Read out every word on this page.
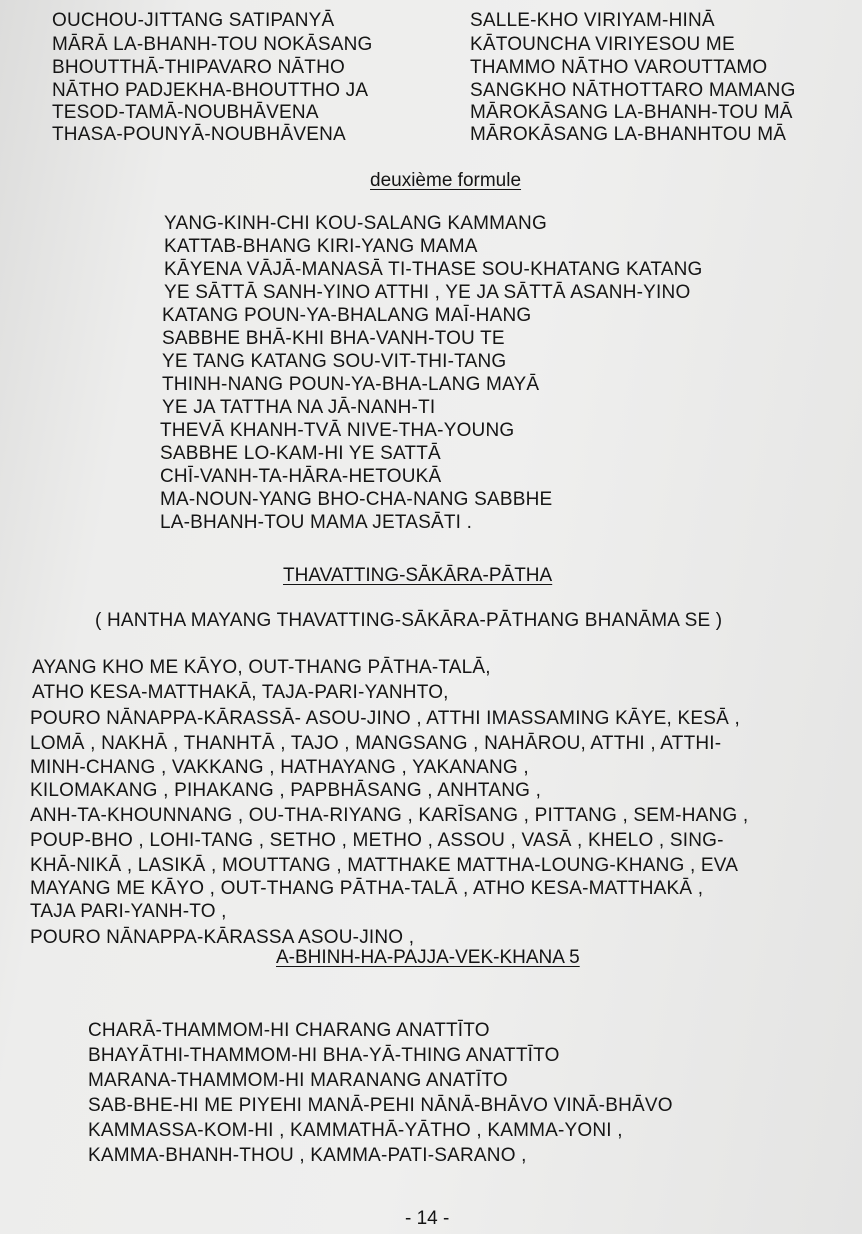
OUCHOU-JITTANG SATIPANYĀ
MĀRĀ LA-BHANH-TOU NOKĀSANG
BHOUTTHĀ-THIPAVARO NĀTHO
NĀTHO PADJEKHA-BHOUTTHO JA
TESOD-TAMĀ-NOUBHĀVENA
THASA-POUNYĀ-NOUBHĀVENA
SALLE-KHO VIRIYAM-HINĀ
KĀTOUNCHA VIRIYESOU ME
THAMMO NĀTHO VAROUTTAMO
SANGKHO NĀTHOTTARO MAMANG
MĀROKĀSANG LA-BHANH-TOU MĀ
MĀROKĀSANG LA-BHANHTOU MĀ
deuxième formule
YANG-KINH-CHI KOU-SALANG KAMMANG
KATTAB-BHANG KIRI-YANG MAMA
KĀYENA VĀJĀ-MANASĀ TI-THASE SOU-KHATANG KATANG
YE SĀTTĀ SANH-YINO ATTHI , YE JA SĀTTĀ ASANH-YINO
KATANG POUN-YA-BHALANG MAĪ-HANG
SABBHE BHĀ-KHI BHA-VANH-TOU TE
YE TANG KATANG SOU-VIT-THI-TANG
THINH-NANG POUN-YA-BHA-LANG MAYĀ
YE JA TATTHA NA JĀ-NANH-TI
THEVĀ KHANH-TVĀ NIVE-THA-YOUNG
SABBHE LO-KAM-HI YE SATTĀ
CHĪ-VANH-TA-HĀRA-HETOUKĀ
MA-NOUN-YANG BHO-CHA-NANG SABBHE
LA-BHANH-TOU MAMA JETASĀTI .
THAVATTING-SĀKĀRA-PĀTHA
( HANTHA MAYANG THAVATTING-SĀKĀRA-PĀTHANG BHANĀMA SE )
AYANG KHO ME KĀYO, OUT-THANG PĀTHA-TALĀ,
ATHO KESA-MATTHAKĀ, TAJA-PARI-YANHTO,
POURO NĀNAPPA-KĀRASSĀ- ASOU-JINO , ATTHI IMASSAMING KĀYE, KESĀ ,
LOMĀ , NAKHĀ , THANHTĀ , TAJO , MANGSANG , NAHĀROU, ATTHI , ATTHI-
MINH-CHANG , VAKKANG , HATHAYANG , YAKANANG ,
KILOMAKANG , PIHAKANG , PAPBHĀSANG , ANHTANG ,
ANH-TA-KHOUNNANG , OU-THA-RIYANG , KARĪSANG , PITTANG , SEM-HANG ,
POUP-BHO , LOHI-TANG , SETHO , METHO , ASSOU , VASĀ , KHELO , SING-
KHĀ-NIKĀ , LASIKĀ , MOUTTANG , MATTHAKE MATTHA-LOUNG-KHANG , EVA
MAYANG ME KĀYO , OUT-THANG PĀTHA-TALĀ , ATHO KESA-MATTHAKĀ ,
TAJA PARI-YANH-TO ,
POURO NĀNAPPA-KĀRASSA ASOU-JINO ,
A-BHINH-HA-PAJJA-VEK-KHANA 5
CHARĀ-THAMMOM-HI CHARANG ANATTĪTO
BHAYĀTHI-THAMMOM-HI BHA-YĀ-THING ANATTĪTO
MARANA-THAMMOM-HI MARANANG ANATĪTO
SAB-BHE-HI ME PIYEHI MANĀ-PEHI NĀNĀ-BHĀVO VINĀ-BHĀVO
KAMMASSA-KOM-HI , KAMMATHĀ-YĀTHO , KAMMA-YONI ,
KAMMA-BHANH-THOU , KAMMA-PATI-SARANO ,
- 14 -
